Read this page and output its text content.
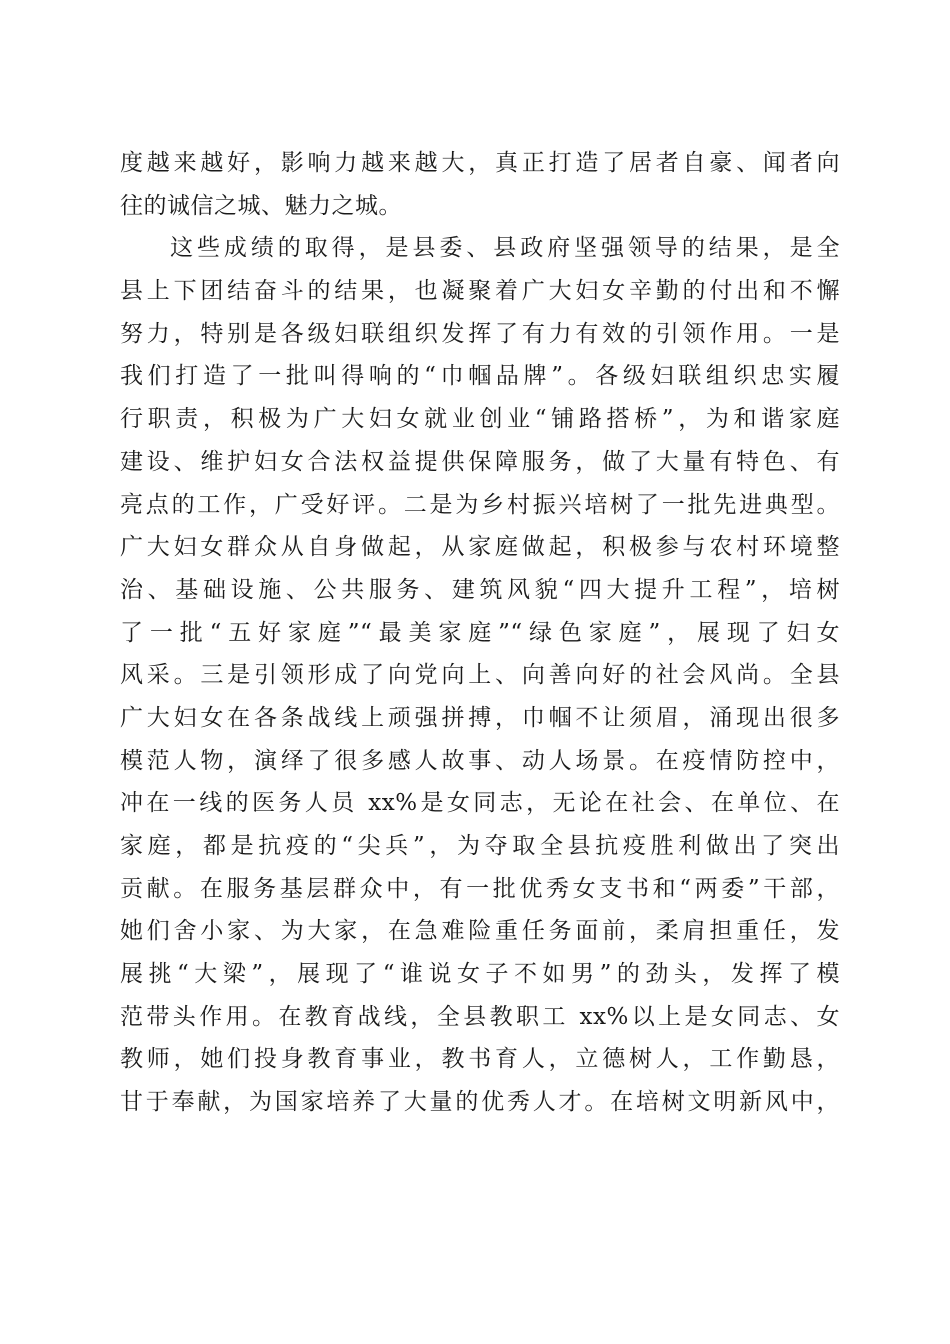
度越来越好，影响力越来越大，真正打造了居者自豪、闻者向
往的诚信之城、魅力之城。
这些成绩的取得，是县委、县政府坚强领导的结果，是全
县上下团结奋斗的结果，也凝聚着广大妇女辛勤的付出和不懈
努力，特别是各级妇联组织发挥了有力有效的引领作用。一是
我们打造了一批叫得响的“巾帼品牌”。各级妇联组织忠实履
行职责，积极为广大妇女就业创业“铺路搭桥”，为和谐家庭
建设、维护妇女合法权益提供保障服务，做了大量有特色、有
亮点的工作，广受好评。二是为乡村振兴培树了一批先进典型。
广大妇女群众从自身做起，从家庭做起，积极参与农村环境整
治、基础设施、公共服务、建筑风貌“四大提升工程”，培树
了一批“五好家庭”“最美家庭”“绿色家庭”，展现了妇女
风采。三是引领形成了向党向上、向善向好的社会风尚。全县
广大妇女在各条战线上顽强拼搏，巾帼不让须眉，涌现出很多
模范人物，演绎了很多感人故事、动人场景。在疫情防控中，
冲在一线的医务人员 xx%是女同志，无论在社会、在单位、在
家庭，都是抗疫的“尖兵”，为夺取全县抗疫胜利做出了突出
贡献。在服务基层群众中，有一批优秀女支书和“两委”干部，
她们舍小家、为大家，在急难险重任务面前，柔肩担重任，发
展挑“大梁”，展现了“谁说女子不如男”的劲头，发挥了模
范带头作用。在教育战线，全县教职工 xx%以上是女同志、女
教师，她们投身教育事业，教书育人，立德树人，工作勤恳，
甘于奉献，为国家培养了大量的优秀人才。在培树文明新风中，
